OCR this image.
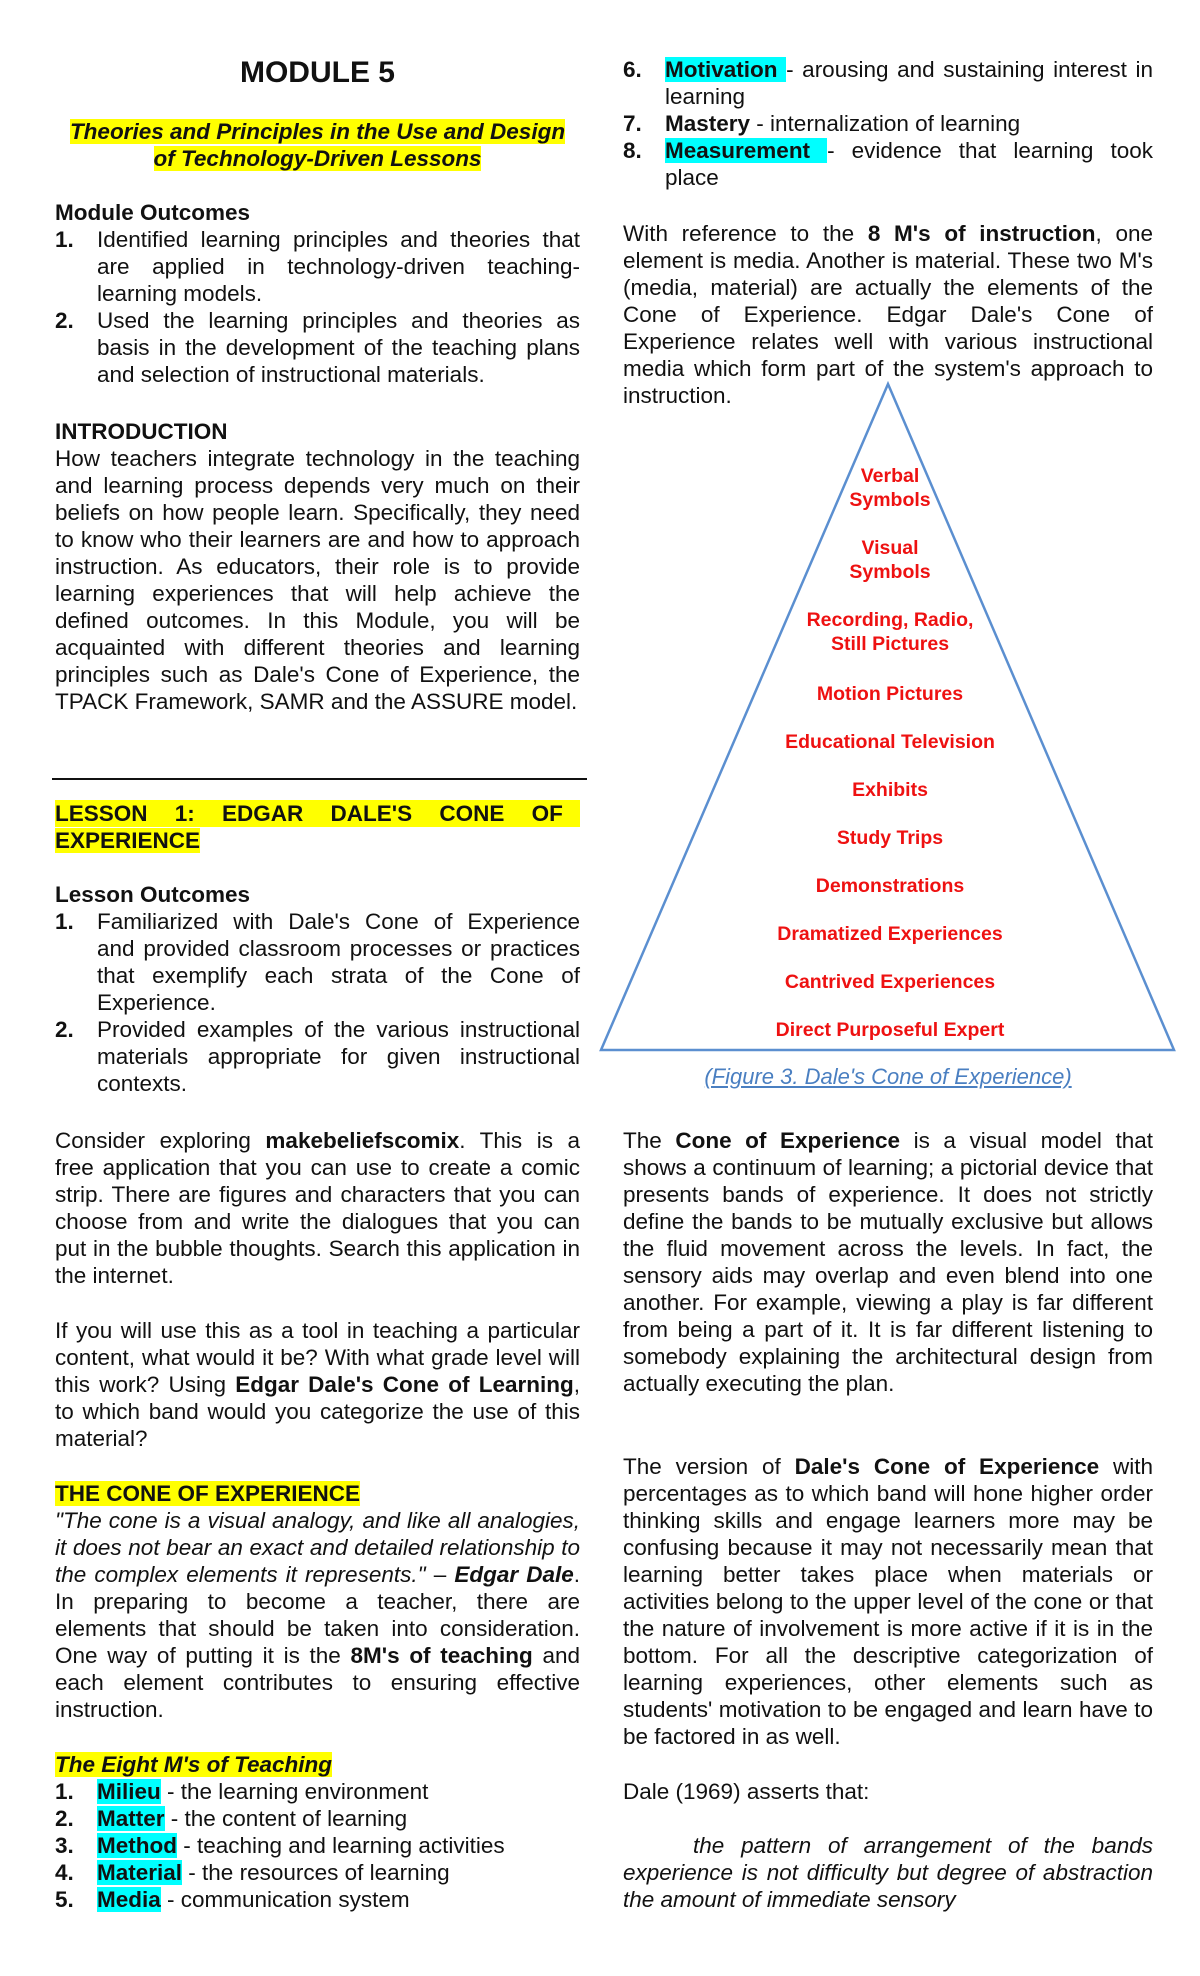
MODULE 5
Theories and Principles in the Use and Design
of Technology-Driven Lessons

Module Outcomes

1. Identified learning principles and theories that are applied in technology-driven teaching-learning models.
2. Used the learning principles and theories as basis in the development of the teaching plans and selection of instructional materials.

INTRODUCTION

How teachers integrate technology in the teaching and learning process depends very much on their beliefs on how people learn. Specifically, they need to know who their learners are and how to approach instruction. As educators, their role is to provide learning experiences that will help achieve the defined outcomes. In this Module, you will be acquainted with different theories and learning principles such as Dale's Cone of Experience, the TPACK Framework, SAMR and the ASSURE model.

LESSON 1: EDGAR DALE'S CONE OF

EXPERIENCE

Lesson Outcomes

1. Familiarized with Dale's Cone of Experience and provided classroom processes or practices that exemplify each strata of the Cone of Experience.
2. Provided examples of the various instructional materials appropriate for given instructional contexts.

Consider exploring makebeliefscomix. This is a free application that you can use to create a comic strip. There are figures and characters that you can choose from and write the dialogues that you can put in the bubble thoughts. Search this application in the internet.

If you will use this as a tool in teaching a particular content, what would it be? With what grade level will this work? Using Edgar Dale's Cone of Learning, to which band would you categorize the use of this material?

THE CONE OF EXPERIENCE

"The cone is a visual analogy, and like all analogies, it does not bear an exact and detailed relationship to the complex elements it represents." – Edgar Dale. In preparing to become a teacher, there are elements that should be taken into consideration. One way of putting it is the 8M's of teaching and each element contributes to ensuring effective instruction.

The Eight M's of Teaching

1. Milieu - the learning environment
2. Matter - the content of learning
3. Method - teaching and learning activities
4. Material - the resources of learning
5. Media - communication system
6. Motivation - arousing and sustaining interest in learning
7. Mastery - internalization of learning
8. Measurement - evidence that learning took place

With reference to the 8 M's of instruction, one element is media. Another is material. These two M's (media, material) are actually the elements of the Cone of Experience. Edgar Dale's Cone of Experience relates well with various instructional media which form part of the system's approach to instruction.

Verbal
Symbols
Visual
Symbols
Recording, Radio,
Still Pictures
Motion Pictures
Educational Television
Exhibits
Study Trips
Demonstrations
Dramatized Experiences
Cantrived Experiences
Direct Purposeful Expert
(Figure 3. Dale's Cone of Experience)

The Cone of Experience is a visual model that shows a continuum of learning; a pictorial device that presents bands of experience. It does not strictly define the bands to be mutually exclusive but allows the fluid movement across the levels. In fact, the sensory aids may overlap and even blend into one another. For example, viewing a play is far different from being a part of it. It is far different listening to somebody explaining the architectural design from actually executing the plan.

The version of Dale's Cone of Experience with percentages as to which band will hone higher order thinking skills and engage learners more may be confusing because it may not necessarily mean that learning better takes place when materials or activities belong to the upper level of the cone or that the nature of involvement is more active if it is in the bottom. For all the descriptive categorization of learning experiences, other elements such as students' motivation to be engaged and learn have to be factored in as well.

Dale (1969) asserts that:

the pattern of arrangement of the bands experience is not difficulty but degree of abstraction the amount of immediate sensory
